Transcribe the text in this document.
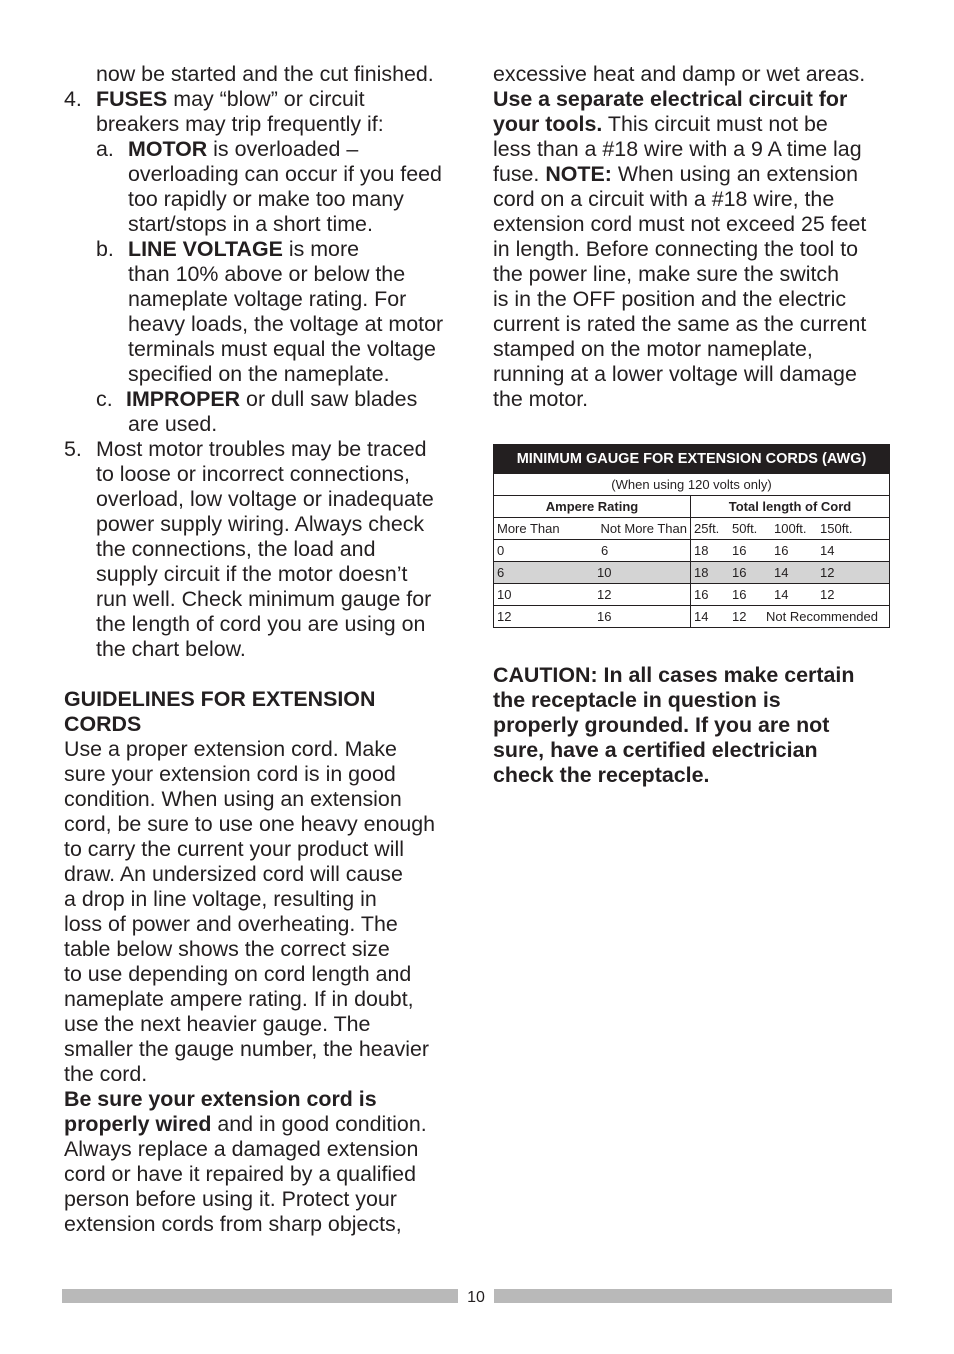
now be started and the cut finished.
4. FUSES may “blow” or circuit
breakers may trip frequently if:
a. MOTOR is overloaded –
overloading can occur if you feed
too rapidly or make too many
start/stops in a short time.
b. LINE VOLTAGE is more
than 10% above or below the
nameplate voltage rating. For
heavy loads, the voltage at motor
terminals must equal the voltage
specified on the nameplate.
c. IMPROPER or dull saw blades
are used.
5. Most motor troubles may be traced
to loose or incorrect connections,
overload, low voltage or inadequate
power supply wiring. Always check
the connections, the load and
supply circuit if the motor doesn’t
run well. Check minimum gauge for
the length of cord you are using on
the chart below.
GUIDELINES FOR EXTENSION
CORDS
Use a proper extension cord. Make
sure your extension cord is in good
condition. When using an extension
cord, be sure to use one heavy enough
to carry the current your product will
draw. An undersized cord will cause
a drop in line voltage, resulting in
loss of power and overheating. The
table below shows the correct size
to use depending on cord length and
nameplate ampere rating. If in doubt,
use the next heavier gauge. The
smaller the gauge number, the heavier
the cord.
Be sure your extension cord is
properly wired and in good condition.
Always replace a damaged extension
cord or have it repaired by a qualified
person before using it. Protect your
extension cords from sharp objects,
excessive heat and damp or wet areas.
Use a separate electrical circuit for
your tools. This circuit must not be
less than a #18 wire with a 9 A time lag
fuse. NOTE: When using an extension
cord on a circuit with a #18 wire, the
extension cord must not exceed 25 feet
in length. Before connecting the tool to
the power line, make sure the switch
is in the OFF position and the electric
current is rated the same as the current
stamped on the motor nameplate,
running at a lower voltage will damage
the motor.
MINIMUM GAUGE FOR EXTENSION CORDS (AWG)	
(When using 120 volts only)	
Ampere Rating	Total length of Cord

More Than Not More Than	25ft. 50ft. 100ft. 150ft.

0 6	18 16 16 14

6 10	18 16 14 12

10 12	16 16 14 12

12 16	14 12 Not Recommended
CAUTION: In all cases make certain
the receptacle in question is
properly grounded. If you are not
sure, have a certified electrician
check the receptacle.
10
